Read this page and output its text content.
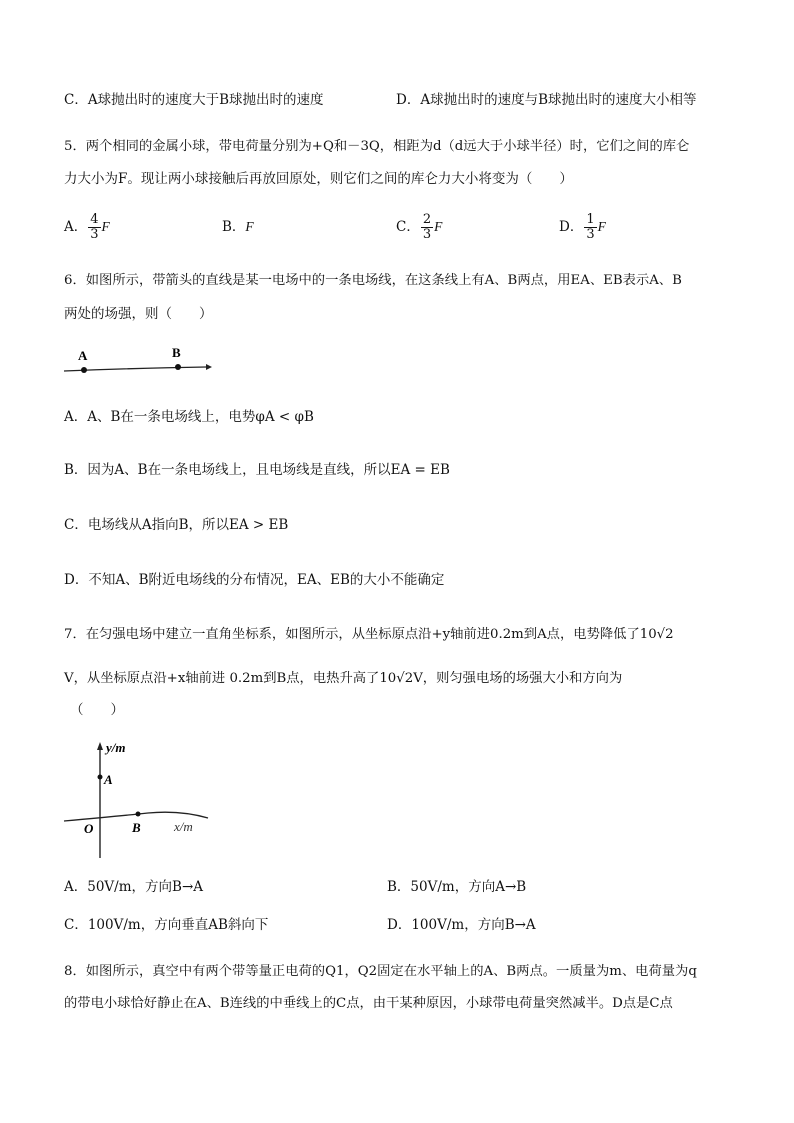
C．A球抛出时的速度大于B球抛出时的速度	D．A球抛出时的速度与B球抛出时的速度大小相等
5．两个相同的金属小球，带电荷量分别为+Q和－3Q，相距为d（d远大于小球半径）时，它们之间的库仑
力大小为F。现让两小球接触后再放回原处，则它们之间的库仑力大小将变为（　　）
A． $\frac{4}{3}$ F	B．F	C． $\frac{2}{3}$ F	D． $\frac{1}{3}$ F
6．如图所示，带箭头的直线是某一电场中的一条电场线，在这条线上有A、B两点，用EA、EB表示A、B
两处的场强，则（　　）
A	B
A．A、B在一条电场线上，电势φA < φB
B．因为A、B在一条电场线上，且电场线是直线，所以EA = EB
C．电场线从A指向B，所以EA > EB
D．不知A、B附近电场线的分布情况，EA、EB的大小不能确定
7．在匀强电场中建立一直角坐标系，如图所示，从坐标原点沿+y轴前进0.2m到A点，电势降低了10√2
V，从坐标原点沿+x轴前进 0.2m到B点，电热升高了10√2V，则匀强电场的场强大小和方向为
（　　）
y/m
A
O	B	x/m
A．50V/m，方向B→A	B．50V/m，方向A→B
C．100V/m，方向垂直AB斜向下	D．100V/m，方向B→A
8．如图所示，真空中有两个带等量正电荷的Q1，Q2固定在水平轴上的A、B两点。一质量为m、电荷量为q
的带电小球恰好静止在A、B连线的中垂线上的C点，由干某种原因，小球带电荷量突然减半。D点是C点
